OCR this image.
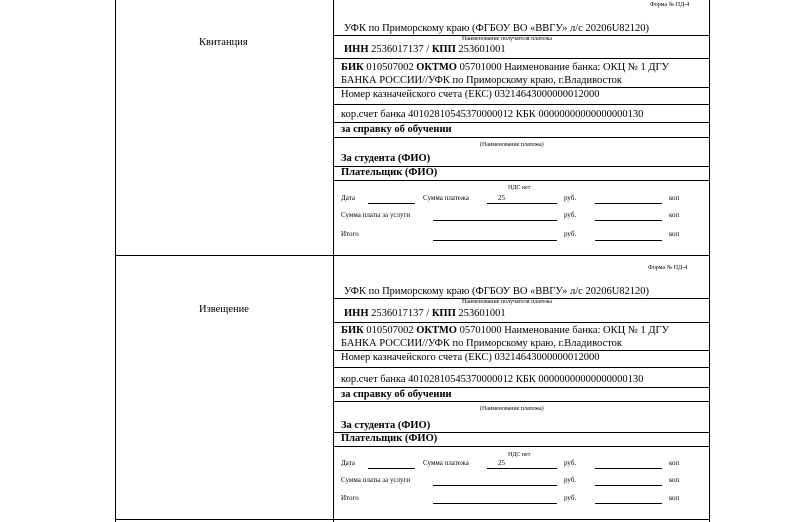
Квитанция
Форма № ПД-4
УФК по Приморскому краю (ФГБОУ ВО «ВВГУ» л/с 20206U82120)
Наименование получателя платежа
ИНН 2536017137 / КПП 253601001
БИК 010507002 ОКТМО 05701000 Наименование банка: ОКЦ № 1 ДГУ
БАНКА РОССИИ//УФК по Приморскому краю, г.Владивосток
Номер казначейского счета (ЕКС) 03214643000000012000
кор.счет банка 40102810545370000012 КБК 00000000000000000130
за справку об обучении
(Наименование платежа)
За студента (ФИО)
Плательщик (ФИО)
НДС нет
Дата	Сумма платежа	25	руб.	коп
Сумма платы за услуги	руб.	коп
Итого	руб.	коп
Извещение
Форма № ПД-4
УФК по Приморскому краю (ФГБОУ ВО «ВВГУ» л/с 20206U82120)
Наименование получателя платежа
ИНН 2536017137 / КПП 253601001
БИК 010507002 ОКТМО 05701000 Наименование банка: ОКЦ № 1 ДГУ
БАНКА РОССИИ//УФК по Приморскому краю, г.Владивосток
Номер казначейского счета (ЕКС) 03214643000000012000
кор.счет банка 40102810545370000012 КБК 00000000000000000130
за справку об обучении
(Наименование платежа)
За студента (ФИО)
Плательщик (ФИО)
НДС нет
Дата	Сумма платежа	25	руб.	коп
Сумма платы за услуги	руб.	коп
Итого	руб.	коп
